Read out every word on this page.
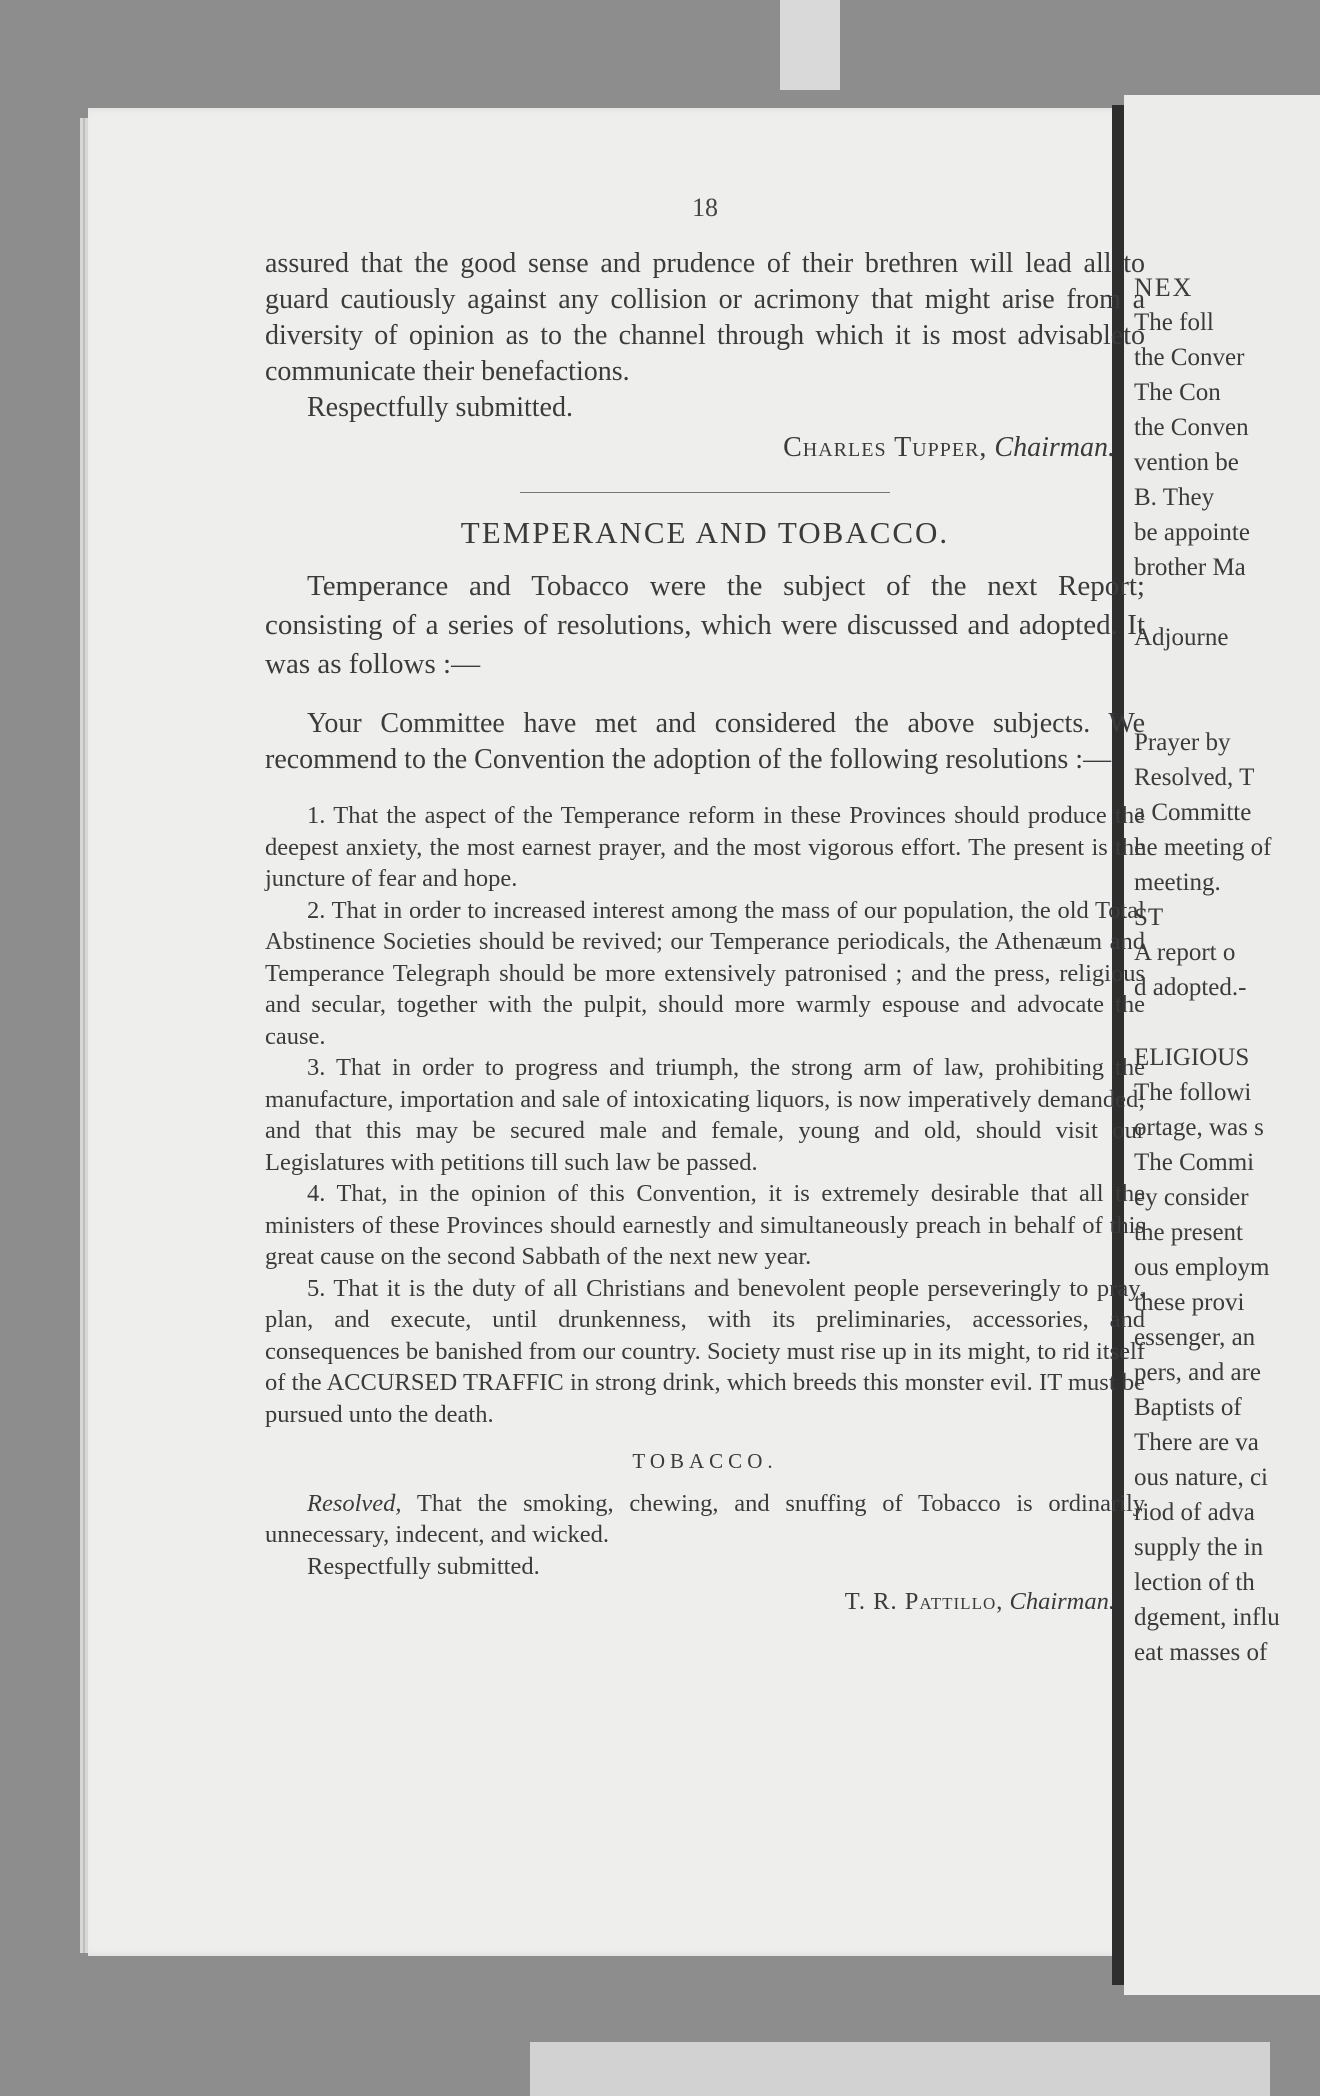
18

assured that the good sense and prudence of their brethren will lead all to guard cautiously against any collision or acrimony that might arise from a diversity of opinion as to the channel through which it is most advisableto communicate their benefactions.

Respectfully submitted.

Charles Tupper, Chairman.

TEMPERANCE AND TOBACCO.

Temperance and Tobacco were the subject of the next Report; consisting of a series of resolutions, which were discussed and adopted. It was as follows :—

Your Committee have met and considered the above subjects. We recommend to the Convention the adoption of the following resolutions :—

1. That the aspect of the Temperance reform in these Provinces should produce the deepest anxiety, the most earnest prayer, and the most vigorous effort. The present is the juncture of fear and hope.

2. That in order to increased interest among the mass of our population, the old Total Abstinence Societies should be revived; our Temperance periodicals, the Athenæum and Temperance Telegraph should be more extensively patronised ; and the press, religious and secular, together with the pulpit, should more warmly espouse and advocate the cause.

3. That in order to progress and triumph, the strong arm of law, prohibiting the manufacture, importation and sale of intoxicating liquors, is now imperatively demanded; and that this may be secured male and female, young and old, should visit our Legislatures with petitions till such law be passed.

4. That, in the opinion of this Convention, it is extremely desirable that all the ministers of these Provinces should earnestly and simultaneously preach in behalf of this great cause on the second Sabbath of the next new year.

5. That it is the duty of all Christians and benevolent people perseveringly to pray, plan, and execute, until drunkenness, with its preliminaries, accessories, and consequences be banished from our country. Society must rise up in its might, to rid itself of the ACCURSED TRAFFIC in strong drink, which breeds this monster evil. IT must be pursued unto the death.

TOBACCO.

Resolved, That the smoking, chewing, and snuffing of Tobacco is ordinarily unnecessary, indecent, and wicked.

Respectfully submitted.

T. R. Pattillo, Chairman.

NEX
The foll
the Conver
The Con
the Conven
vention be
B. They
be appointe
brother Ma

Adjourne

Prayer by
Resolved, T
a Committe
he meeting of
meeting.
ST
A report o
d adopted.-

ELIGIOUS
The followi
ortage, was s
The Commi
ey consider
the present
ous employm
these provi
essenger, an
pers, and are
Baptists of
There are va
ous nature, ci
riod of adva
supply the in
lection of th
dgement, influ
eat masses of
